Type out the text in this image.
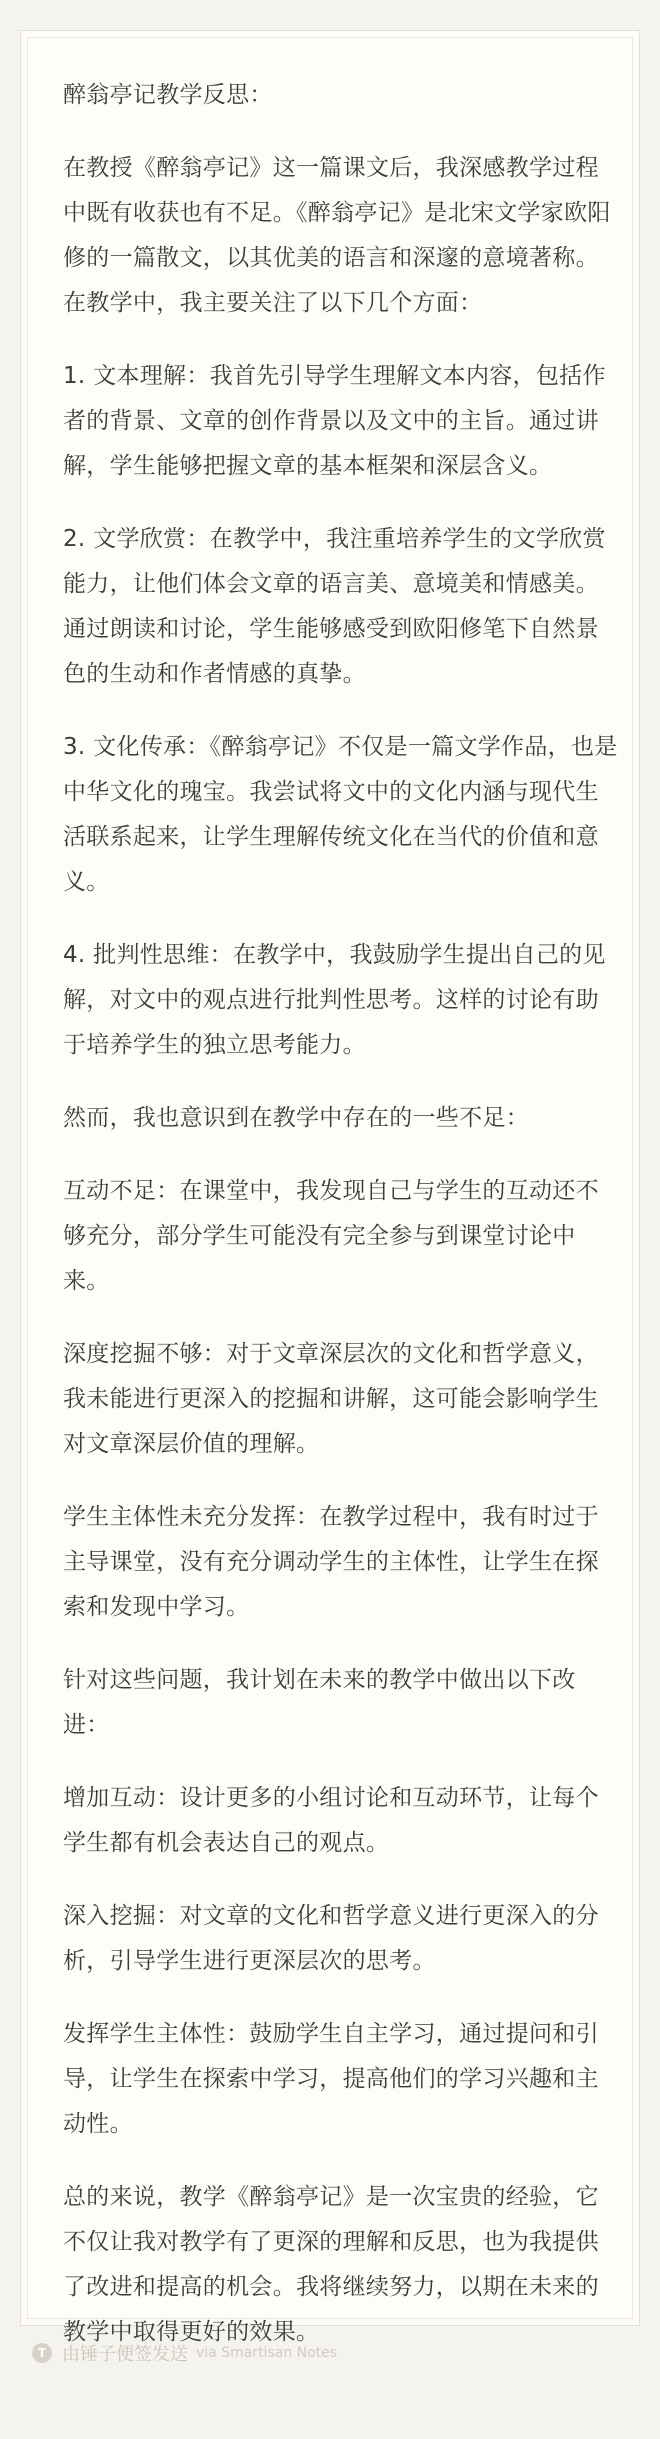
醉翁亭记教学反思：

在教授《醉翁亭记》这一篇课文后，我深感教学过程中既有收获也有不足。《醉翁亭记》是北宋文学家欧阳修的一篇散文，以其优美的语言和深邃的意境著称。在教学中，我主要关注了以下几个方面：

1. 文本理解：我首先引导学生理解文本内容，包括作者的背景、文章的创作背景以及文中的主旨。通过讲解，学生能够把握文章的基本框架和深层含义。

2. 文学欣赏：在教学中，我注重培养学生的文学欣赏能力，让他们体会文章的语言美、意境美和情感美。通过朗读和讨论，学生能够感受到欧阳修笔下自然景色的生动和作者情感的真挚。

3. 文化传承：《醉翁亭记》不仅是一篇文学作品，也是中华文化的瑰宝。我尝试将文中的文化内涵与现代生活联系起来，让学生理解传统文化在当代的价值和意义。

4. 批判性思维：在教学中，我鼓励学生提出自己的见解，对文中的观点进行批判性思考。这样的讨论有助于培养学生的独立思考能力。

然而，我也意识到在教学中存在的一些不足：

互动不足：在课堂中，我发现自己与学生的互动还不够充分，部分学生可能没有完全参与到课堂讨论中来。

深度挖掘不够：对于文章深层次的文化和哲学意义，我未能进行更深入的挖掘和讲解，这可能会影响学生对文章深层价值的理解。

学生主体性未充分发挥：在教学过程中，我有时过于主导课堂，没有充分调动学生的主体性，让学生在探索和发现中学习。

针对这些问题，我计划在未来的教学中做出以下改进：

增加互动：设计更多的小组讨论和互动环节，让每个学生都有机会表达自己的观点。

深入挖掘：对文章的文化和哲学意义进行更深入的分析，引导学生进行更深层次的思考。

发挥学生主体性：鼓励学生自主学习，通过提问和引导，让学生在探索中学习，提高他们的学习兴趣和主动性。

总的来说，教学《醉翁亭记》是一次宝贵的经验，它不仅让我对教学有了更深的理解和反思，也为我提供了改进和提高的机会。我将继续努力，以期在未来的教学中取得更好的效果。

T 由锤子便签发送 via Smartisan Notes
